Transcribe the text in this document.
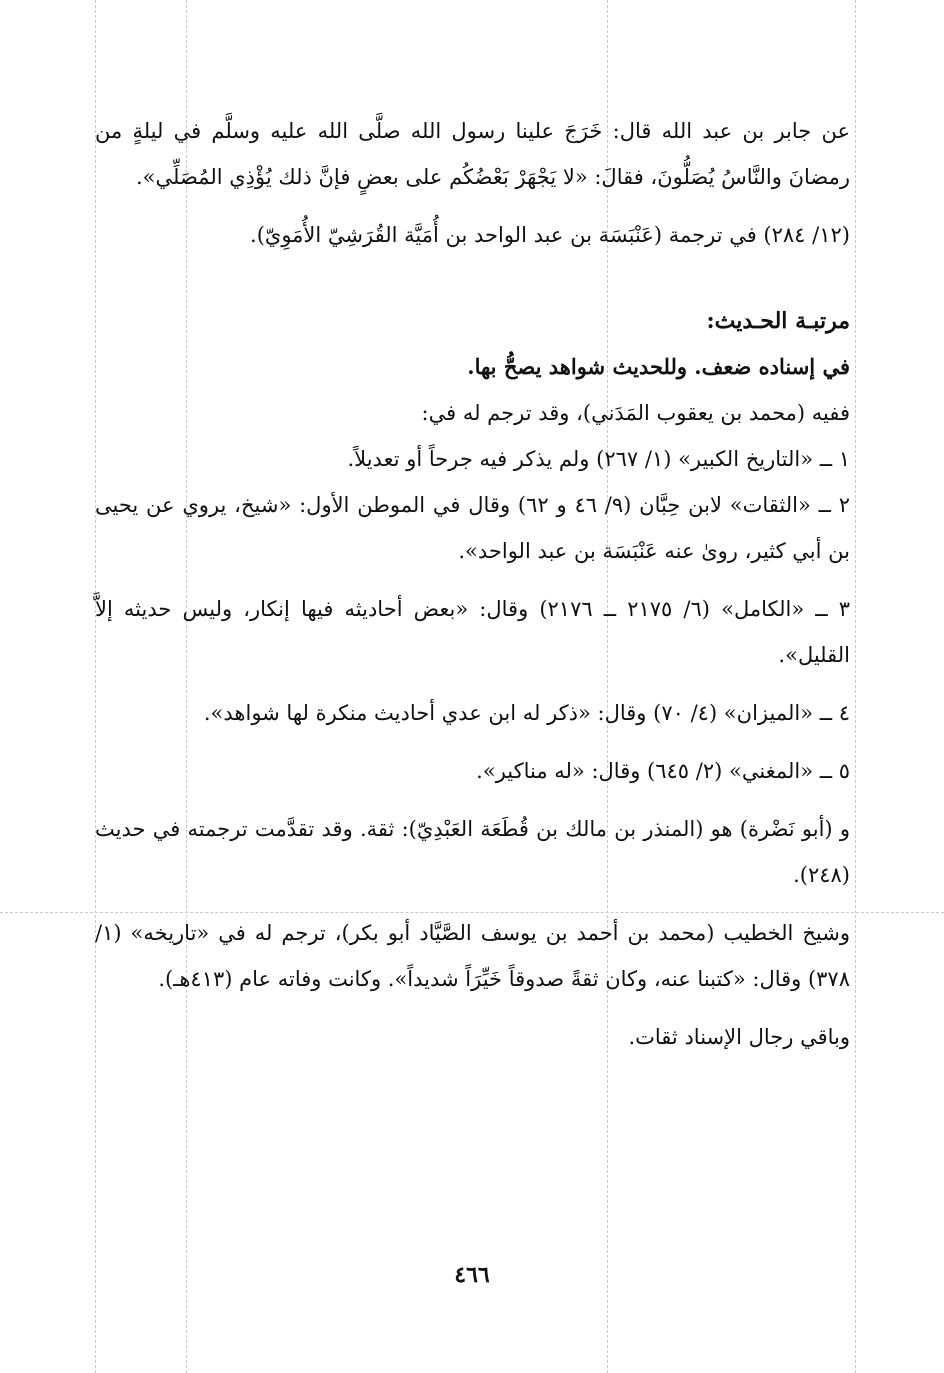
عن جابر بن عبد الله قال: خَرَجَ علينا رسول الله صلَّى الله عليه وسلَّم في ليلةٍ من رمضانَ والنَّاسُ يُصَلُّونَ، فقالَ: «لا يَجْهَرْ بَعْضُكُم على بعضٍ فإنَّ ذلك يُؤْذِي المُصَلِّي».

(١٢/ ٢٨٤) في ترجمة (عَنْبَسَة بن عبد الواحد بن أُمَيَّة القُرَشِيّ الأُمَوِيّ).

مرتبـة الحـديث:

في إسناده ضعف. وللحديث شواهد يصحُّ بها.

ففيه (محمد بن يعقوب المَدَني)، وقد ترجم له في:

١ ــ «التاريخ الكبير» (١/ ٢٦٧) ولم يذكر فيه جرحاً أو تعديلاً.

٢ ــ «الثقات» لابن حِبَّان (٩/ ٤٦ و ٦٢) وقال في الموطن الأول: «شيخ، يروي عن يحيى بن أبي كثير، روىٰ عنه عَنْبَسَة بن عبد الواحد».

٣ ــ «الكامل» (٦/ ٢١٧٥ ــ ٢١٧٦) وقال: «بعض أحاديثه فيها إنكار، وليس حديثه إلاَّ القليل».

٤ ــ «الميزان» (٤/ ٧٠) وقال: «ذكر له ابن عدي أحاديث منكرة لها شواهد».

٥ ــ «المغني» (٢/ ٦٤٥) وقال: «له مناكير».

و (أبو نَضْرة) هو (المنذر بن مالك بن قُطَعَة العَبْدِيّ): ثقة. وقد تقدَّمت ترجمته في حديث (٢٤٨).

وشيخ الخطيب (محمد بن أحمد بن يوسف الصَّيَّاد أبو بكر)، ترجم له في «تاريخه» (١/ ٣٧٨) وقال: «كتبنا عنه، وكان ثقةً صدوقاً خَيِّرَاً شديداً». وكانت وفاته عام (٤١٣هـ).

وباقي رجال الإسناد ثقات.

٤٦٦
